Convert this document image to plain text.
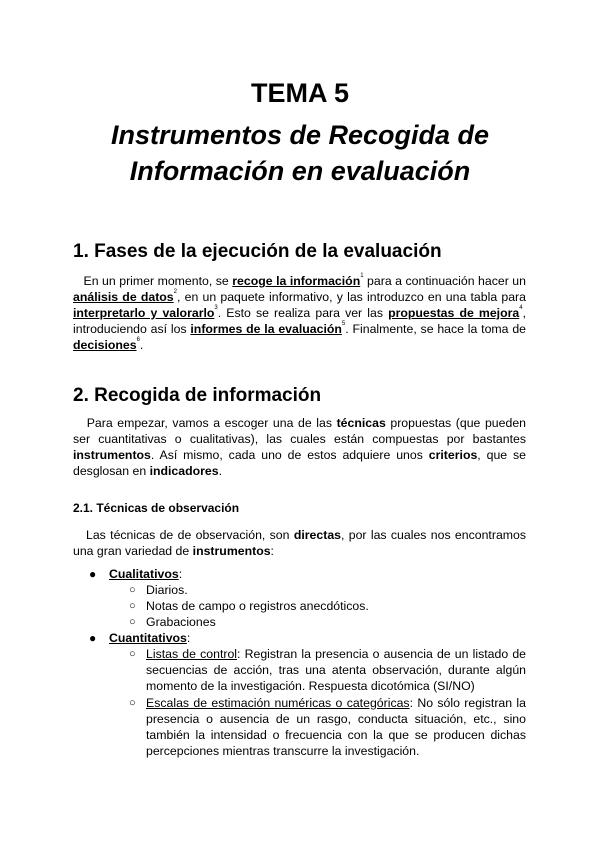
TEMA 5
Instrumentos de Recogida de
Información en evaluación
1. Fases de la ejecución de la evaluación

En un primer momento, se recoge la información$^1$ para a continuación hacer un análisis de datos$^2$, en un paquete informativo, y las introduzco en una tabla para interpretarlo y valorarlo$^3$. Esto se realiza para ver las propuestas de mejora$^4$, introduciendo así los informes de la evaluación$^5$. Finalmente, se hace la toma de decisiones$^6$.

2. Recogida de información

Para empezar, vamos a escoger una de las técnicas propuestas (que pueden ser cuantitativas o cualitativas), las cuales están compuestas por bastantes instrumentos. Así mismo, cada uno de estos adquiere unos criterios, que se desglosan en indicadores.

2.1. Técnicas de observación

Las técnicas de de observación, son directas, por las cuales nos encontramos una gran variedad de instrumentos:

● Cualitativos:
○ Diarios.
○ Notas de campo o registros anecdóticos.
○ Grabaciones
● Cuantitativos:
○ Listas de control: Registran la presencia o ausencia de un listado de secuencias de acción, tras una atenta observación, durante algún momento de la investigación. Respuesta dicotómica (SI/NO)
○ Escalas de estimación numéricas o categóricas: No sólo registran la presencia o ausencia de un rasgo, conducta situación, etc., sino también la intensidad o frecuencia con la que se producen dichas percepciones mientras transcurre la investigación.
